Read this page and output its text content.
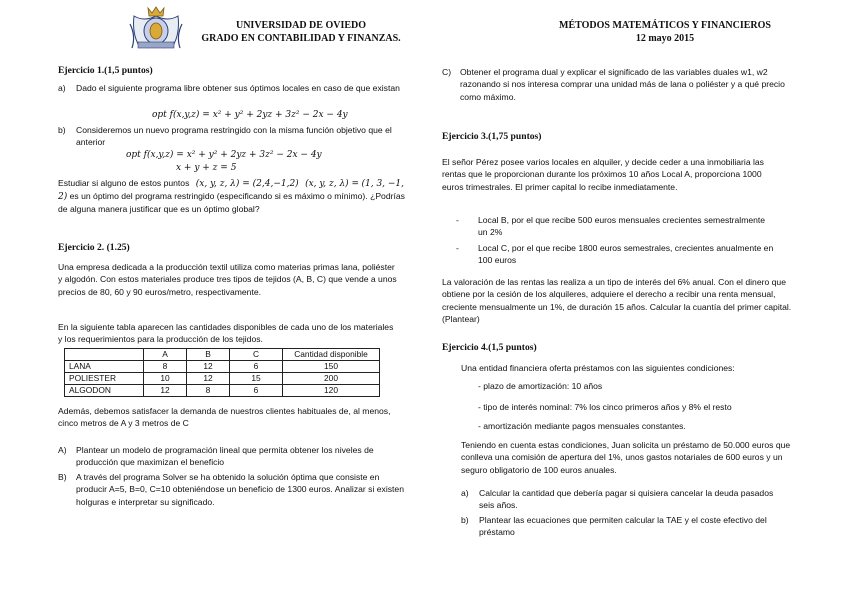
UNIVERSIDAD DE OVIEDO
GRADO EN CONTABILIDAD Y FINANZAS.
MÉTODOS MATEMÁTICOS Y FINANCIEROS
12 mayo 2015
Ejercicio 1.(1,5 puntos)
a) Dado el siguiente programa libre obtener sus óptimos locales en caso de que existan
opt f(x,y,z) = x² + y² + 2yz + 3z² − 2x − 4y
b) Consideremos un nuevo programa restringido con la misma función objetivo que el anterior
opt f(x,y,z) = x² + y² + 2yz + 3z² − 2x − 4y
x + y + z = 5
Estudiar si alguno de estos puntos (x, y, z, λ) = (2,4,−1,2) (x, y, z, λ) = (1, 3, −1, 2) es un óptimo del programa restringido (especificando si es máximo o mínimo). ¿Podrías de alguna manera justificar que es un óptimo global?
Ejercicio 2. (1.25)
Una empresa dedicada a la producción textil utiliza como materias primas lana, poliéster y algodón. Con estos materiales produce tres tipos de tejidos (A, B, C) que vende a unos precios de 80, 60 y 90 euros/metro, respectivamente.
En la siguiente tabla aparecen las cantidades disponibles de cada uno de los materiales y los requerimientos para la producción de los tejidos.
	A	B	C	Cantidad disponible
LANA	8	12	6	150
POLIESTER	10	12	15	200
ALGODON	12	8	6	120
Además, debemos satisfacer la demanda de nuestros clientes habituales de, al menos, cinco metros de A y 3 metros de C
A) Plantear un modelo de programación lineal que permita obtener los niveles de producción que maximizan el beneficio
B) A través del programa Solver se ha obtenido la solución óptima que consiste en producir A=5, B=0, C=10 obteniéndose un beneficio de 1300 euros. Analizar si existen holguras e interpretar su significado.
C) Obtener el programa dual y explicar el significado de las variables duales w1, w2 razonando si nos interesa comprar una unidad más de lana o poliéster y a qué precio como máximo.
Ejercicio 3.(1,75 puntos)
El señor Pérez posee varios locales en alquiler, y decide ceder a una inmobiliaria las rentas que le proporcionan durante los próximos 10 años Local A, proporciona 1000 euros trimestrales. El primer capital lo recibe inmediatamente.
- Local B, por el que recibe 500 euros mensuales crecientes semestralmente un 2%
- Local C, por el que recibe 1800 euros semestrales, crecientes anualmente en 100 euros
La valoración de las rentas las realiza a un tipo de interés del 6% anual. Con el dinero que obtiene por la cesión de los alquileres, adquiere el derecho a recibir una renta mensual, creciente mensualmente un 1%, de duración 15 años. Calcular la cuantía del primer capital. (Plantear)
Ejercicio 4.(1,5 puntos)
Una entidad financiera oferta préstamos con las siguientes condiciones:
- plazo de amortización: 10 años
- tipo de interés nominal: 7% los cinco primeros años y 8% el resto
- amortización mediante pagos mensuales constantes.
Teniendo en cuenta estas condiciones, Juan solicita un préstamo de 50.000 euros que conlleva una comisión de apertura del 1%, unos gastos notariales de 600 euros y un seguro obligatorio de 100 euros anuales.
a) Calcular la cantidad que debería pagar si quisiera cancelar la deuda pasados seis años.
b) Plantear las ecuaciones que permiten calcular la TAE y el coste efectivo del préstamo
